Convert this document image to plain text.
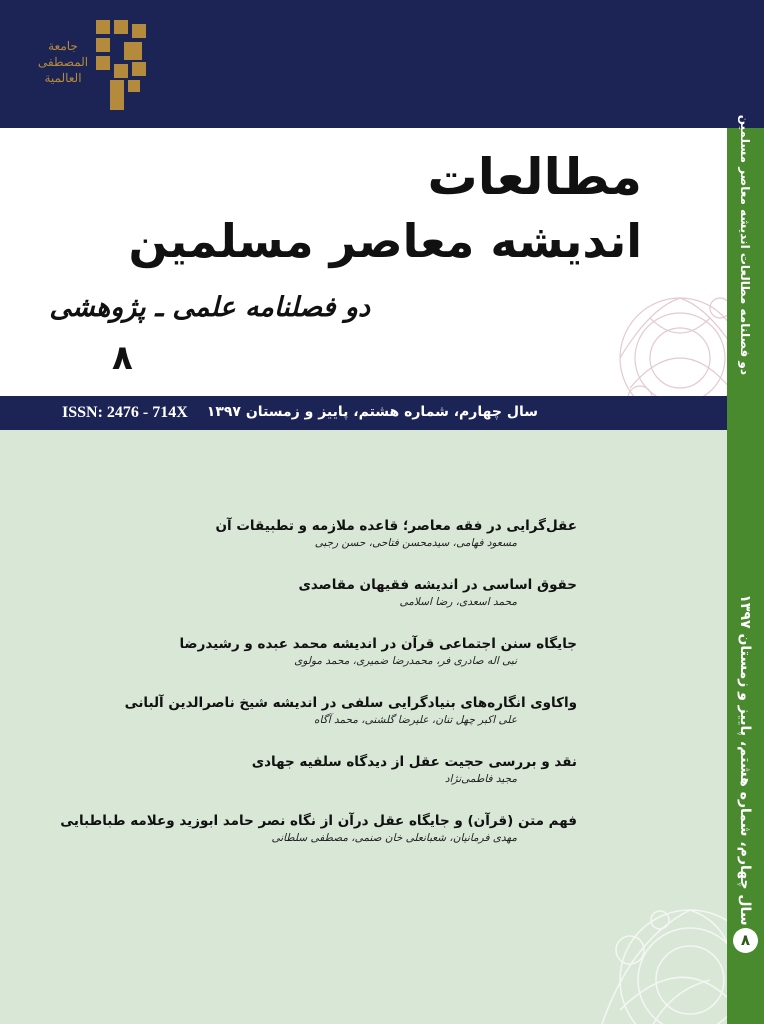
جامعة
المصطفى
العالمية
مطالعات
اندیشه معاصر مسلمین
دو فصلنامه علمی ـ پژوهشی
۸
ISSN: 2476 - 714X سال چهارم، شماره هشتم، پاییز و زمستان ۱۳۹۷
عقل‌گرایی در فقه معاصر؛ قاعده ملازمه و تطبیقات آن
مسعود فهامی، سیدمحسن فتاحی، حسن رجبی
حقوق اساسی در اندیشه فقیهان مقاصدی
محمد اسعدی، رضا اسلامی
جایگاه سنن اجتماعی قرآن در اندیشه محمد عبده و رشیدرضا
نبی اله صادری فر، محمدرضا ضمیری، محمد مولوی
واکاوی انگاره‌های بنیادگرایی سلفی در اندیشه شیخ ناصرالدین آلبانی
علی اکبر چهل تنان، علیرضا گلشنی، محمد آگاه
نقد و بررسی حجیت عقل از دیدگاه سلفیه جهادی
مجید فاطمی‌نژاد
فهم متن (قرآن) و جایگاه عقل درآن از نگاه نصر حامد ابوزید وعلامه طباطبایی
مهدی فرمانیان، شعبانعلی خان صنمی، مصطفی سلطانی
دو فصلنامه مطالعات اندیشه معاصر مسلمین
سال چهارم، شماره هشتم، پاییز و زمستان ۱۳۹۷
۸
